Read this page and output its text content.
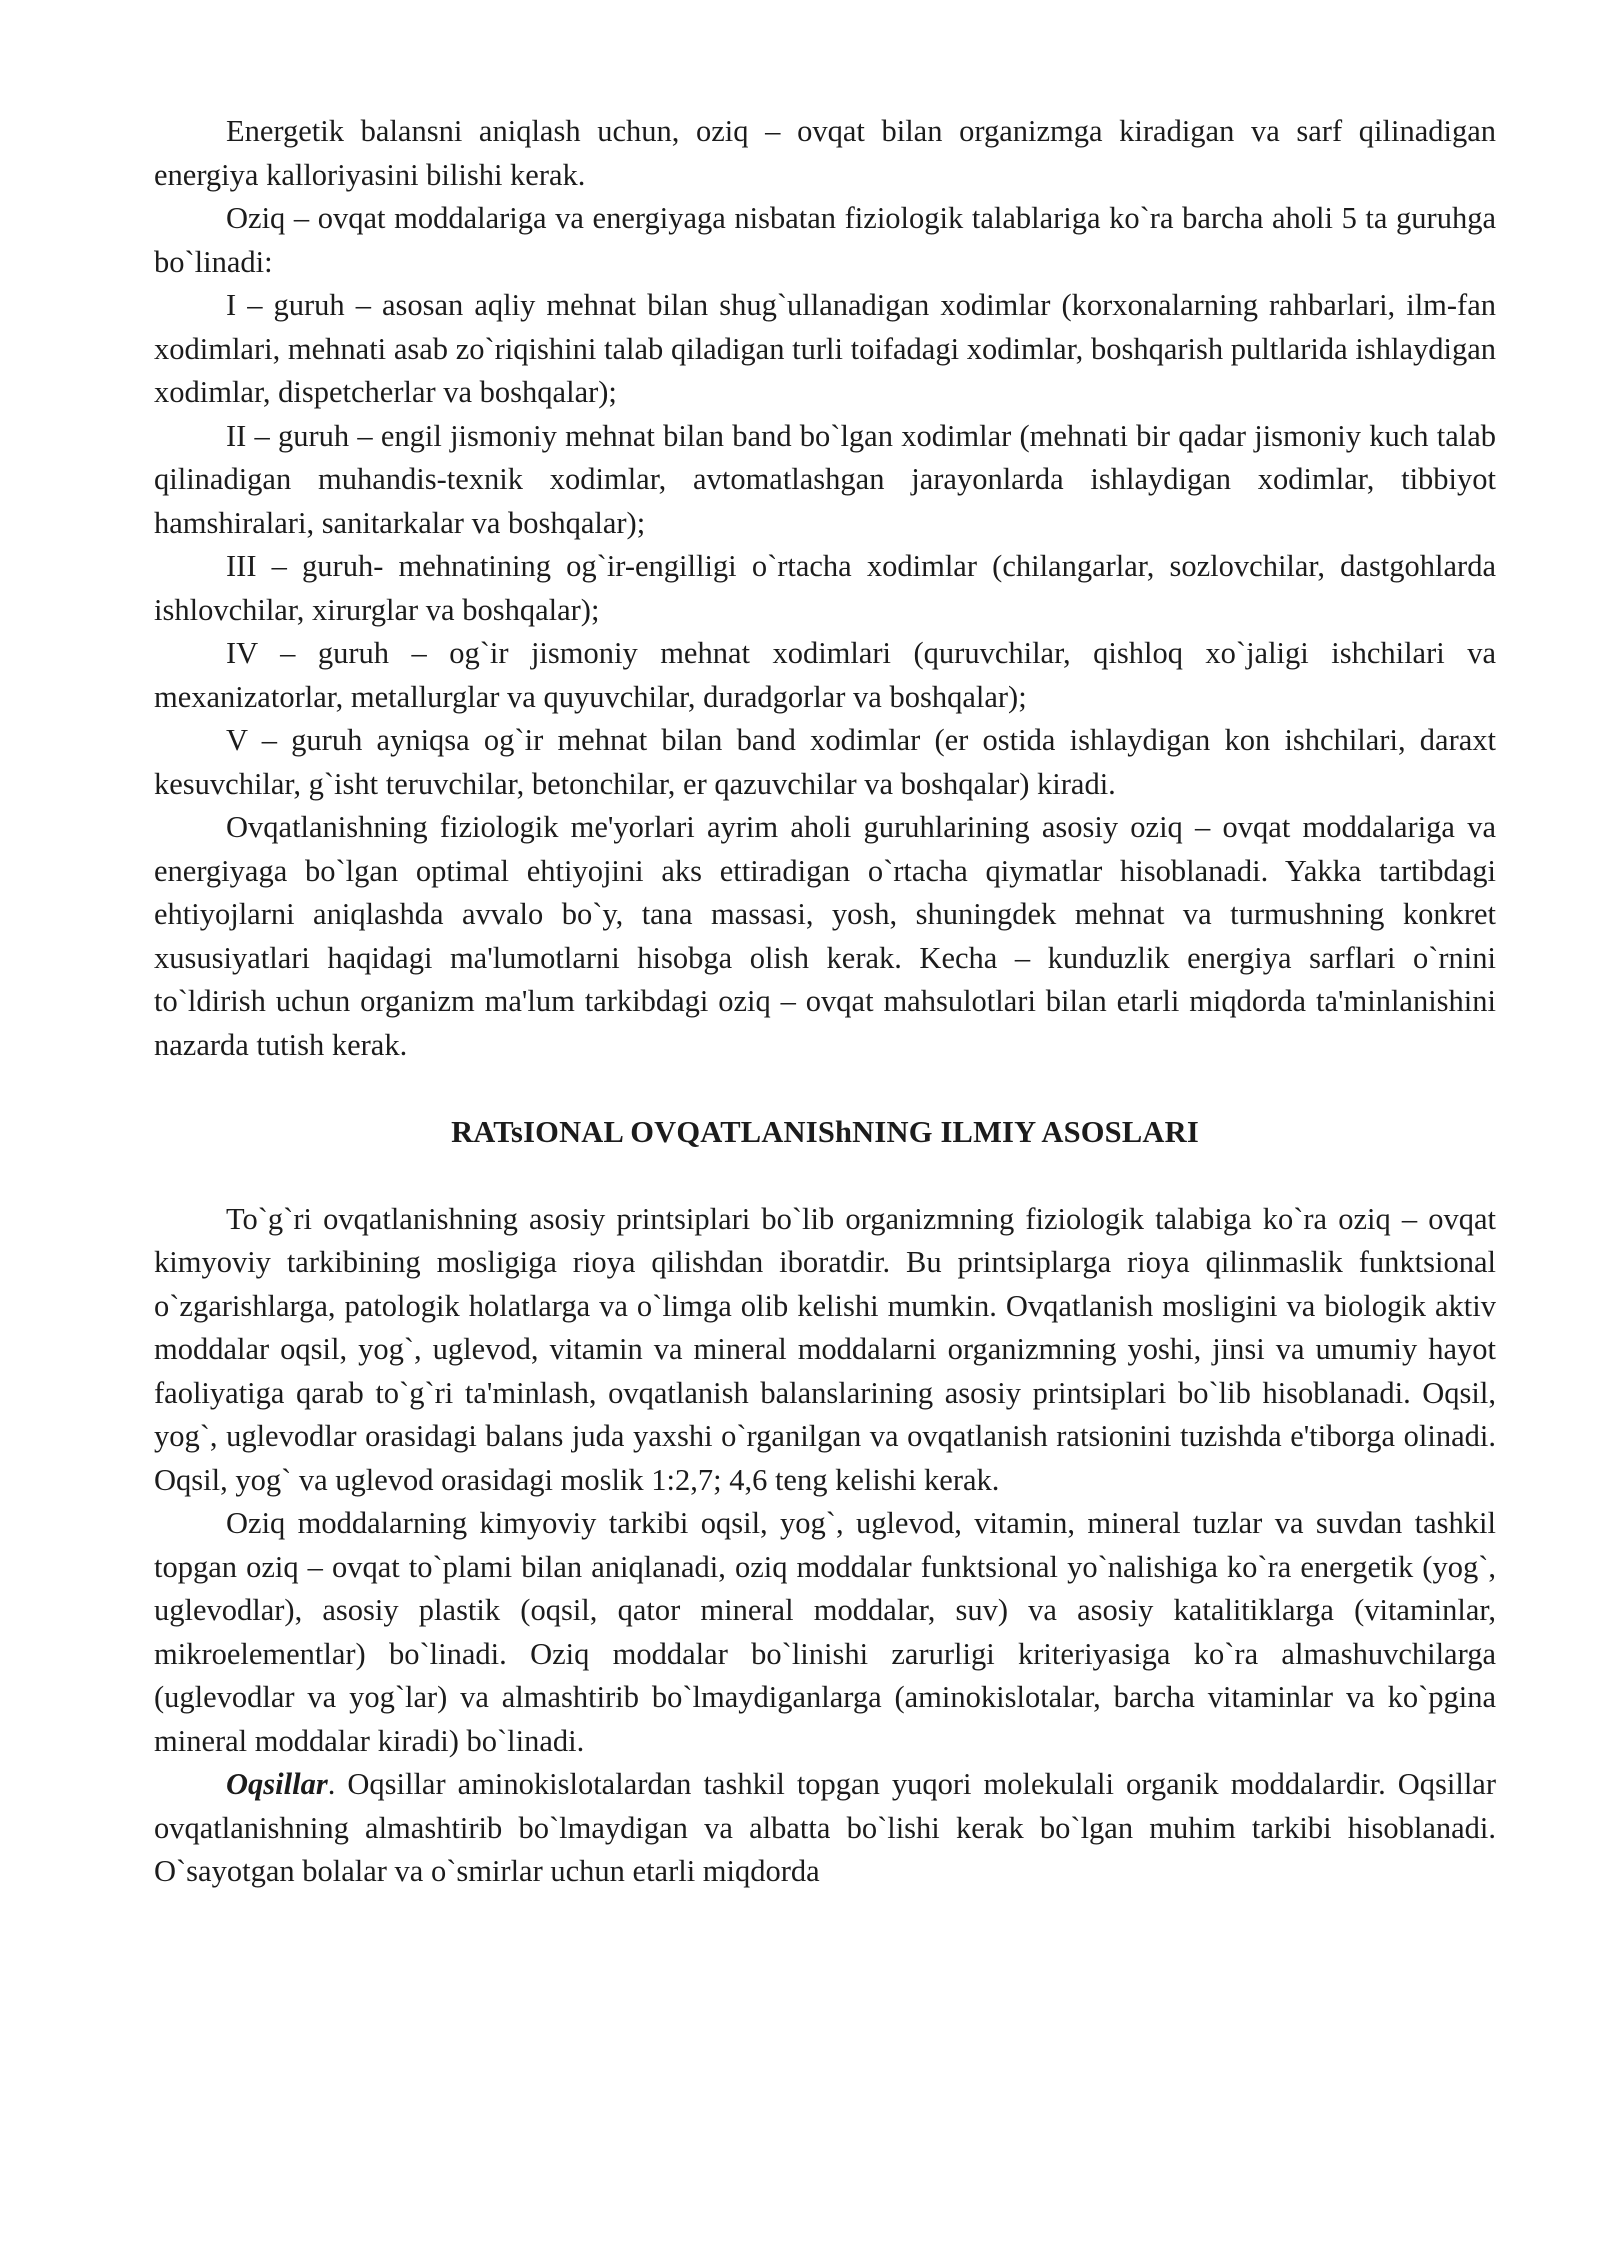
Energetik balansni aniqlash uchun, oziq – ovqat bilan organizmga kiradigan va sarf qilinadigan energiya kalloriyasini bilishi kerak.

Oziq – ovqat moddalariga va energiyaga nisbatan fiziologik talablariga ko`ra barcha aholi 5 ta guruhga bo`linadi:

I – guruh – asosan aqliy mehnat bilan shug`ullanadigan xodimlar (korxonalarning rahbarlari, ilm-fan xodimlari, mehnati asab zo`riqishini talab qiladigan turli toifadagi xodimlar, boshqarish pultlarida ishlaydigan xodimlar, dispetcherlar va boshqalar);

II – guruh – engil jismoniy mehnat bilan band bo`lgan xodimlar (mehnati bir qadar jismoniy kuch talab qilinadigan muhandis-texnik xodimlar, avtomatlashgan jarayonlarda ishlaydigan xodimlar, tibbiyot hamshiralari, sanitarkalar va boshqalar);

III – guruh- mehnatining og`ir-engilligi o`rtacha xodimlar (chilangarlar, sozlovchilar, dastgohlarda ishlovchilar, xirurglar va boshqalar);

IV – guruh – og`ir jismoniy mehnat xodimlari (quruvchilar, qishloq xo`jaligi ishchilari va mexanizatorlar, metallurglar va quyuvchilar, duradgorlar va boshqalar);

V – guruh ayniqsa og`ir mehnat bilan band xodimlar (er ostida ishlaydigan kon ishchilari, daraxt kesuvchilar, g`isht teruvchilar, betonchilar, er qazuvchilar va boshqalar) kiradi.

Ovqatlanishning fiziologik me'yorlari ayrim aholi guruhlarining asosiy oziq – ovqat moddalariga va energiyaga bo`lgan optimal ehtiyojini aks ettiradigan o`rtacha qiymatlar hisoblanadi. Yakka tartibdagi ehtiyojlarni aniqlashda avvalo bo`y, tana massasi, yosh, shuningdek mehnat va turmushning konkret xususiyatlari haqidagi ma'lumotlarni hisobga olish kerak. Kecha – kunduzlik energiya sarflari o`rnini to`ldirish uchun organizm ma'lum tarkibdagi oziq – ovqat mahsulotlari bilan etarli miqdorda ta'minlanishini nazarda tutish kerak.

RATsIONAL OVQATLANIShNING ILMIY ASOSLARI

To`g`ri ovqatlanishning asosiy printsiplari bo`lib organizmning fiziologik talabiga ko`ra oziq – ovqat kimyoviy tarkibining mosligiga rioya qilishdan iboratdir. Bu printsiplarga rioya qilinmaslik funktsional o`zgarishlarga, patologik holatlarga va o`limga olib kelishi mumkin. Ovqatlanish mosligini va biologik aktiv moddalar oqsil, yog`, uglevod, vitamin va mineral moddalarni organizmning yoshi, jinsi va umumiy hayot faoliyatiga qarab to`g`ri ta'minlash, ovqatlanish balanslarining asosiy printsiplari bo`lib hisoblanadi. Oqsil, yog`, uglevodlar orasidagi balans juda yaxshi o`rganilgan va ovqatlanish ratsionini tuzishda e'tiborga olinadi. Oqsil, yog` va uglevod orasidagi moslik 1:2,7; 4,6 teng kelishi kerak.

Oziq moddalarning kimyoviy tarkibi oqsil, yog`, uglevod, vitamin, mineral tuzlar va suvdan tashkil topgan oziq – ovqat to`plami bilan aniqlanadi, oziq moddalar funktsional yo`nalishiga ko`ra energetik (yog`, uglevodlar), asosiy plastik (oqsil, qator mineral moddalar, suv) va asosiy katalitiklarga (vitaminlar, mikroelementlar) bo`linadi. Oziq moddalar bo`linishi zarurligi kriteriyasiga ko`ra almashuvchilarga (uglevodlar va yog`lar) va almashtirib bo`lmaydiganlarga (aminokislotalar, barcha vitaminlar va ko`pgina mineral moddalar kiradi) bo`linadi.

Oqsillar. Oqsillar aminokislotalardan tashkil topgan yuqori molekulali organik moddalardir. Oqsillar ovqatlanishning almashtirib bo`lmaydigan va albatta bo`lishi kerak bo`lgan muhim tarkibi hisoblanadi. O`sayotgan bolalar va o`smirlar uchun etarli miqdorda
